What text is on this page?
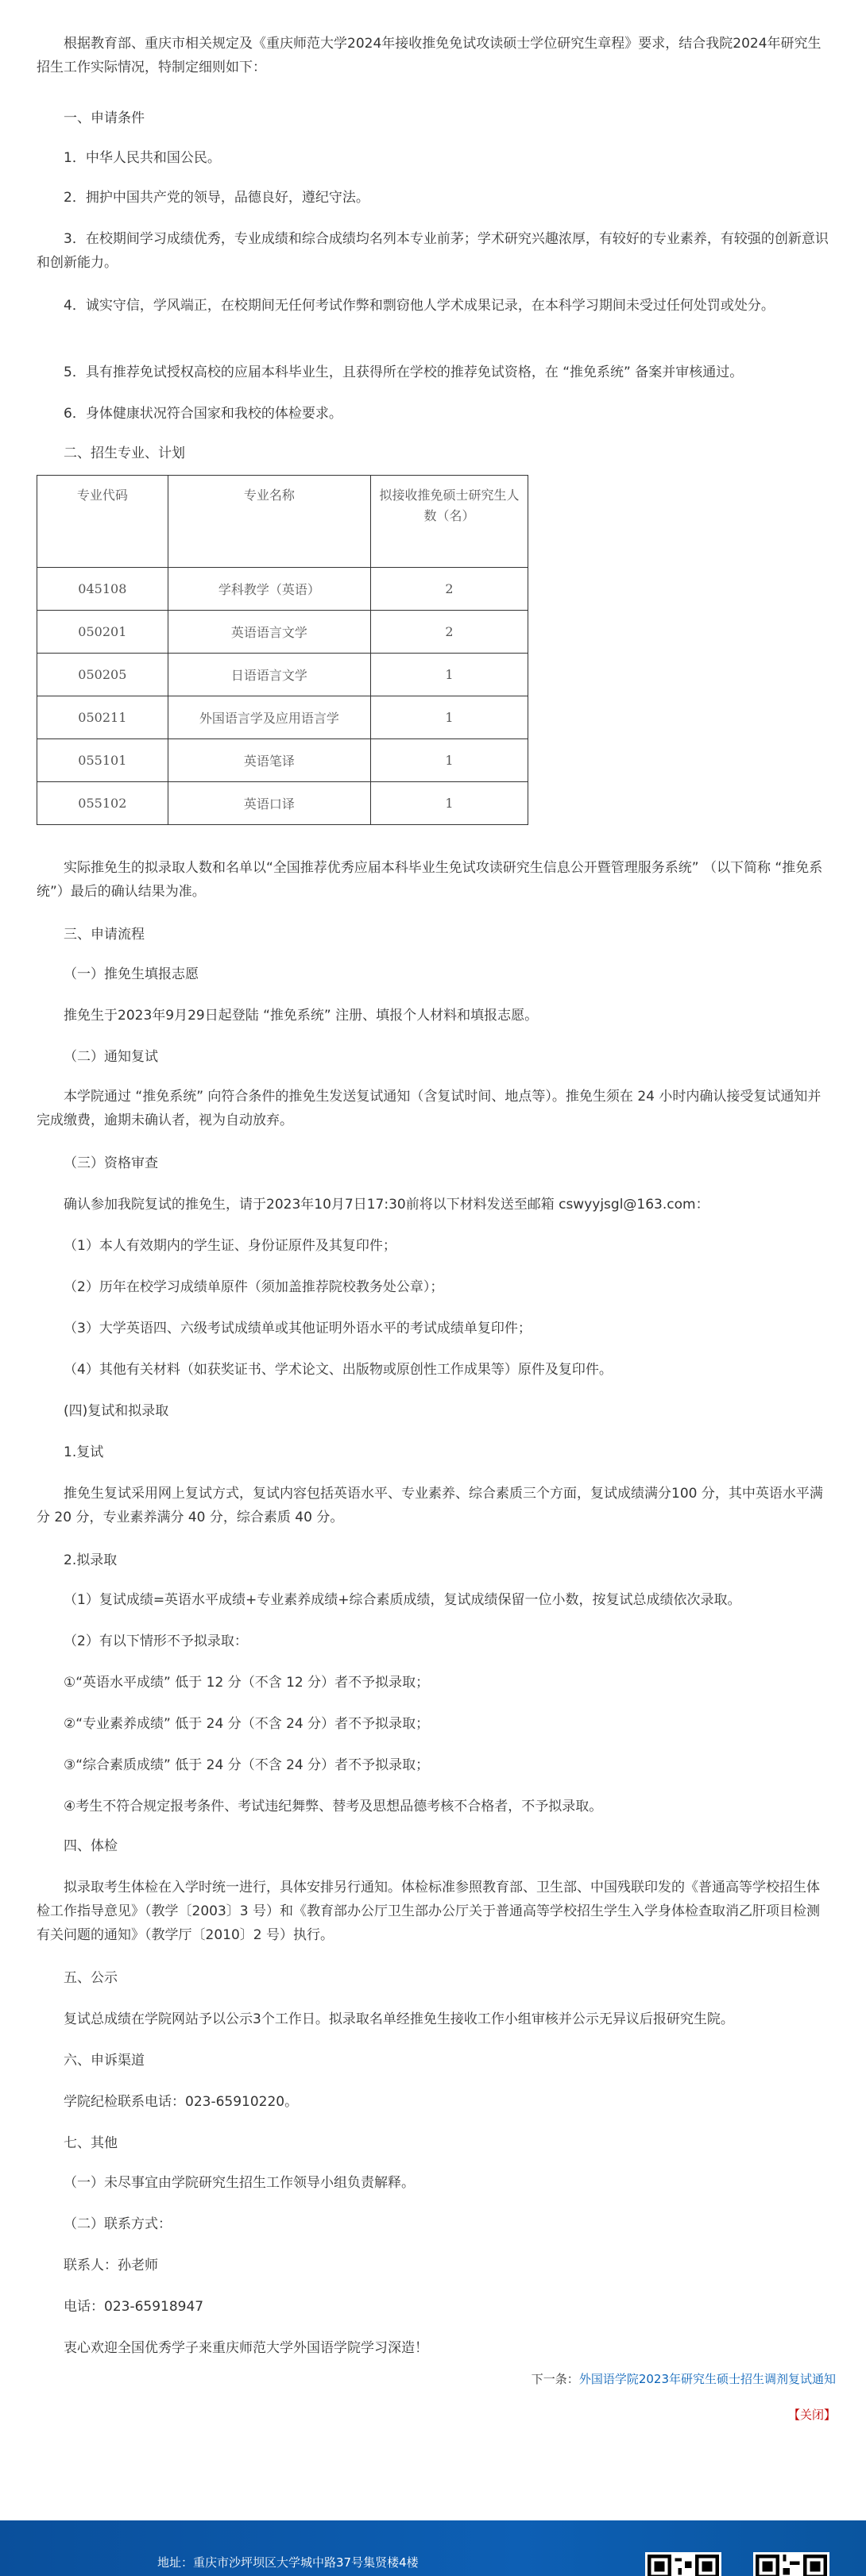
根据教育部、重庆市相关规定及《重庆师范大学2024年接收推免免试攻读硕士学位研究生章程》要求，结合我院2024年研究生招生工作实际情况，特制定细则如下：

一、申请条件

1．中华人民共和国公民。

2．拥护中国共产党的领导，品德良好，遵纪守法。

3．在校期间学习成绩优秀，专业成绩和综合成绩均名列本专业前茅；学术研究兴趣浓厚，有较好的专业素养，有较强的创新意识和创新能力。

4．诚实守信，学风端正，在校期间无任何考试作弊和剽窃他人学术成果记录，在本科学习期间未受过任何处罚或处分。

5．具有推荐免试授权高校的应届本科毕业生，且获得所在学校的推荐免试资格，在 “推免系统” 备案并审核通过。

6．身体健康状况符合国家和我校的体检要求。

二、招生专业、计划

专业代码	专业名称	拟接收推免硕士研究生人数（名）
045108	学科教学（英语）	2
050201	英语语言文学	2
050205	日语语言文学	1
050211	外国语言学及应用语言学	1
055101	英语笔译	1
055102	英语口译	1

实际推免生的拟录取人数和名单以“全国推荐优秀应届本科毕业生免试攻读研究生信息公开暨管理服务系统” （以下简称 “推免系统”）最后的确认结果为准。

三、申请流程

（一）推免生填报志愿

推免生于2023年9月29日起登陆 “推免系统” 注册、填报个人材料和填报志愿。

（二）通知复试

本学院通过 “推免系统” 向符合条件的推免生发送复试通知（含复试时间、地点等）。推免生须在 24 小时内确认接受复试通知并完成缴费，逾期未确认者，视为自动放弃。

（三）资格审查

确认参加我院复试的推免生，请于2023年10月7日17:30前将以下材料发送至邮箱 cswyyjsgl@163.com：

（1）本人有效期内的学生证、身份证原件及其复印件；

（2）历年在校学习成绩单原件（须加盖推荐院校教务处公章）；

（3）大学英语四、六级考试成绩单或其他证明外语水平的考试成绩单复印件；

（4）其他有关材料（如获奖证书、学术论文、出版物或原创性工作成果等）原件及复印件。

(四)复试和拟录取

1.复试

推免生复试采用网上复试方式，复试内容包括英语水平、专业素养、综合素质三个方面，复试成绩满分100 分，其中英语水平满分 20 分，专业素养满分 40 分，综合素质 40 分。

2.拟录取

（1）复试成绩=英语水平成绩+专业素养成绩+综合素质成绩，复试成绩保留一位小数，按复试总成绩依次录取。

（2）有以下情形不予拟录取：

①“英语水平成绩” 低于 12 分（不含 12 分）者不予拟录取；

②“专业素养成绩” 低于 24 分（不含 24 分）者不予拟录取；

③“综合素质成绩” 低于 24 分（不含 24 分）者不予拟录取；

④考生不符合规定报考条件、考试违纪舞弊、替考及思想品德考核不合格者，不予拟录取。

四、体检

拟录取考生体检在入学时统一进行，具体安排另行通知。体检标准参照教育部、卫生部、中国残联印发的《普通高等学校招生体检工作指导意见》（教学〔2003〕3 号）和《教育部办公厅卫生部办公厅关于普通高等学校招生学生入学身体检查取消乙肝项目检测有关问题的通知》（教学厅〔2010〕2 号）执行。

五、公示

复试总成绩在学院网站予以公示3个工作日。拟录取名单经推免生接收工作小组审核并公示无异议后报研究生院。

六、申诉渠道

学院纪检联系电话：023-65910220。

七、其他

（一）未尽事宜由学院研究生招生工作领导小组负责解释。

（二）联系方式：

联系人：孙老师

电话：023-65918947

衷心欢迎全国优秀学子来重庆师范大学外国语学院学习深造！

下一条：外国语学院2023年研究生硕士招生调剂复试通知
【关闭】
地址：重庆市沙坪坝区大学城中路37号集贤楼4楼
